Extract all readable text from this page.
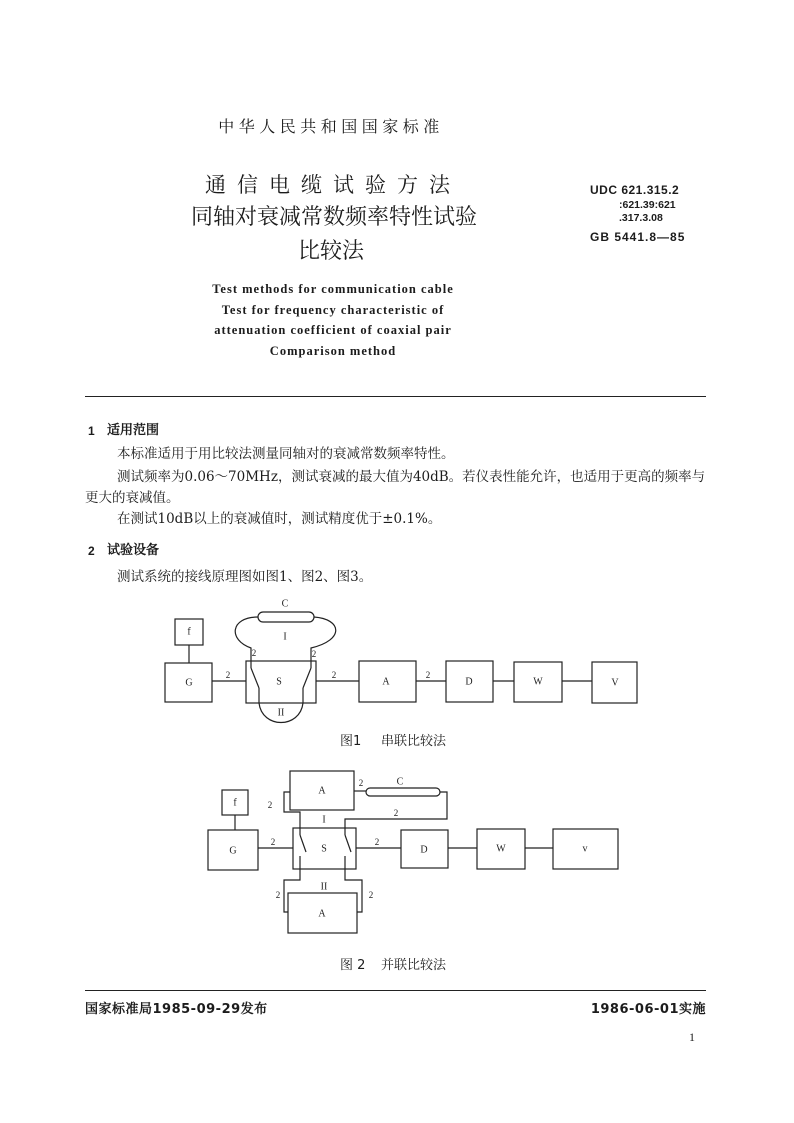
中华人民共和国国家标准
通信电缆试验方法
同轴对衰减常数频率特性试验
比较法
UDC 621.315.2
:621.39:621
.317.3.08
GB 5441.8—85
Test methods for communication cable
Test for frequency characteristic of
attenuation coefficient of coaxial pair
Comparison method
1 适用范围
本标准适用于用比较法测量同轴对的衰减常数频率特性。
测试频率为0.06～70MHz，测试衰减的最大值为40dB。若仪表性能允许，也适用于更高的频率与
更大的衰减值。
在测试10dB以上的衰减值时，测试精度优于±0.1%。
2 试验设备
测试系统的接线原理图如图1、图2、图3。
f
G
2
S
C
I
2	2
II
2
A
2
D	W	V
图1 串联比较法
f
G
2
S
A
2
2	C
2
I
2
D	W	v
A
2	2
II
图 2 并联比较法
国家标准局1985-09-29发布	1986-06-01实施
1
